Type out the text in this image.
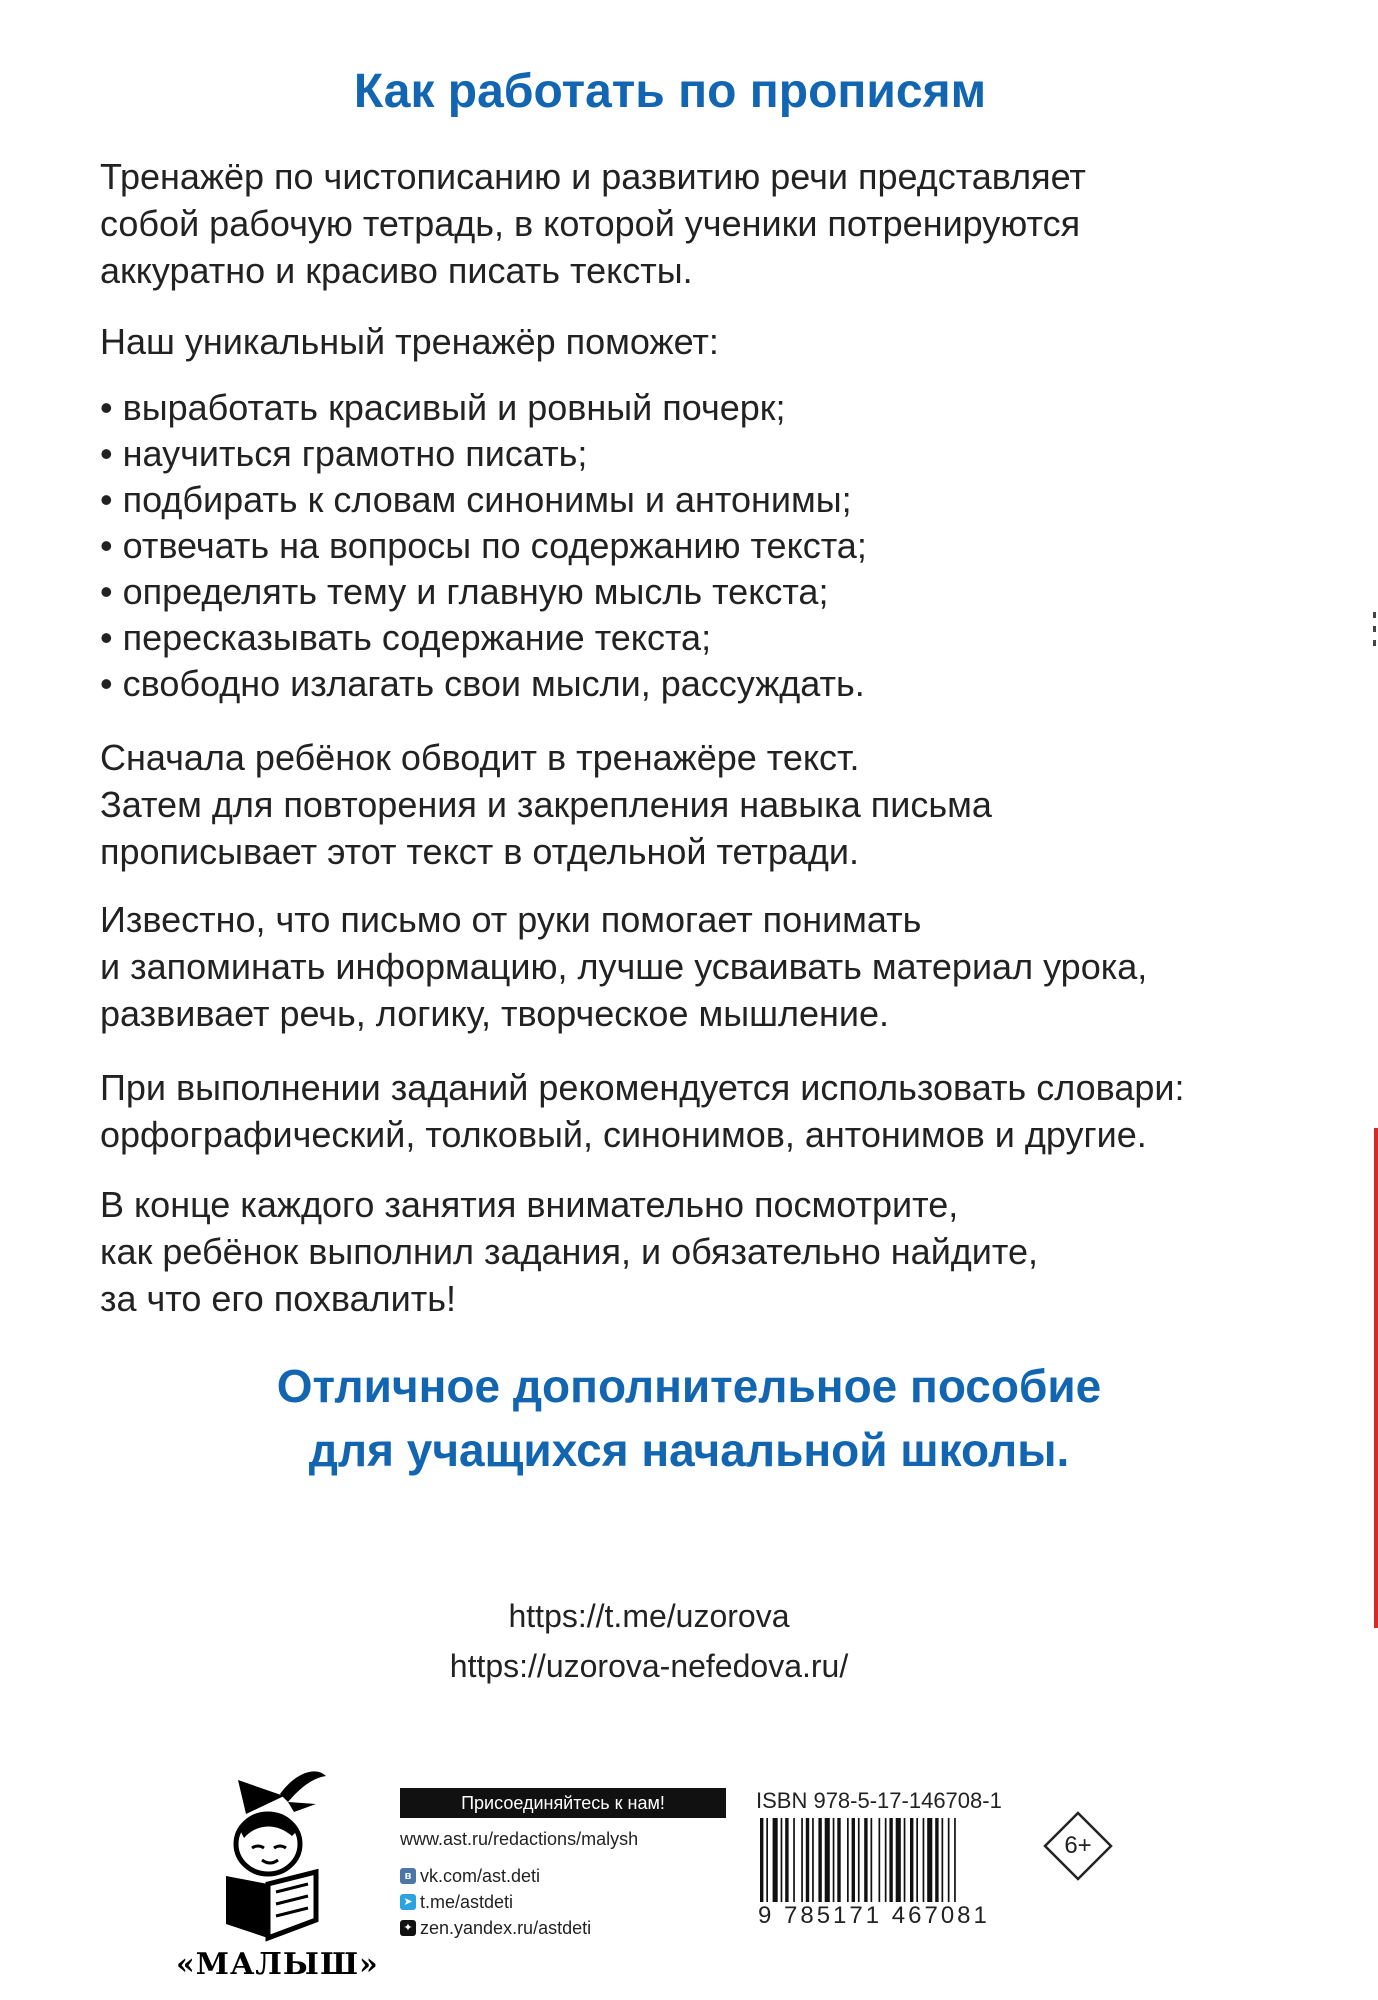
Как работать по прописям

Тренажёр по чистописанию и развитию речи представляет
собой рабочую тетрадь, в которой ученики потренируются
аккуратно и красиво писать тексты.

Наш уникальный тренажёр поможет:

• выработать красивый и ровный почерк;
• научиться грамотно писать;
• подбирать к словам синонимы и антонимы;
• отвечать на вопросы по содержанию текста;
• определять тему и главную мысль текста;
• пересказывать содержание текста;
• свободно излагать свои мысли, рассуждать.

Сначала ребёнок обводит в тренажёре текст.
Затем для повторения и закрепления навыка письма
прописывает этот текст в отдельной тетради.

Известно, что письмо от руки помогает понимать
и запоминать информацию, лучше усваивать материал урока,
развивает речь, логику, творческое мышление.

При выполнении заданий рекомендуется использовать словари:
орфографический, толковый, синонимов, антонимов и другие.

В конце каждого занятия внимательно посмотрите,
как ребёнок выполнил задания, и обязательно найдите,
за что его похвалить!

Отличное дополнительное пособие
для учащихся начальной школы.
https://t.me/uzorova
https://uzorova-nefedova.ru/
«МАЛЫШ»
Присоединяйтесь к нам!
www.ast.ru/redactions/malysh
в vk.com/ast.deti
➤ t.me/astdeti
✦ zen.yandex.ru/astdeti
ISBN 978-5-17-146708-1
9 785171 467081
6+
